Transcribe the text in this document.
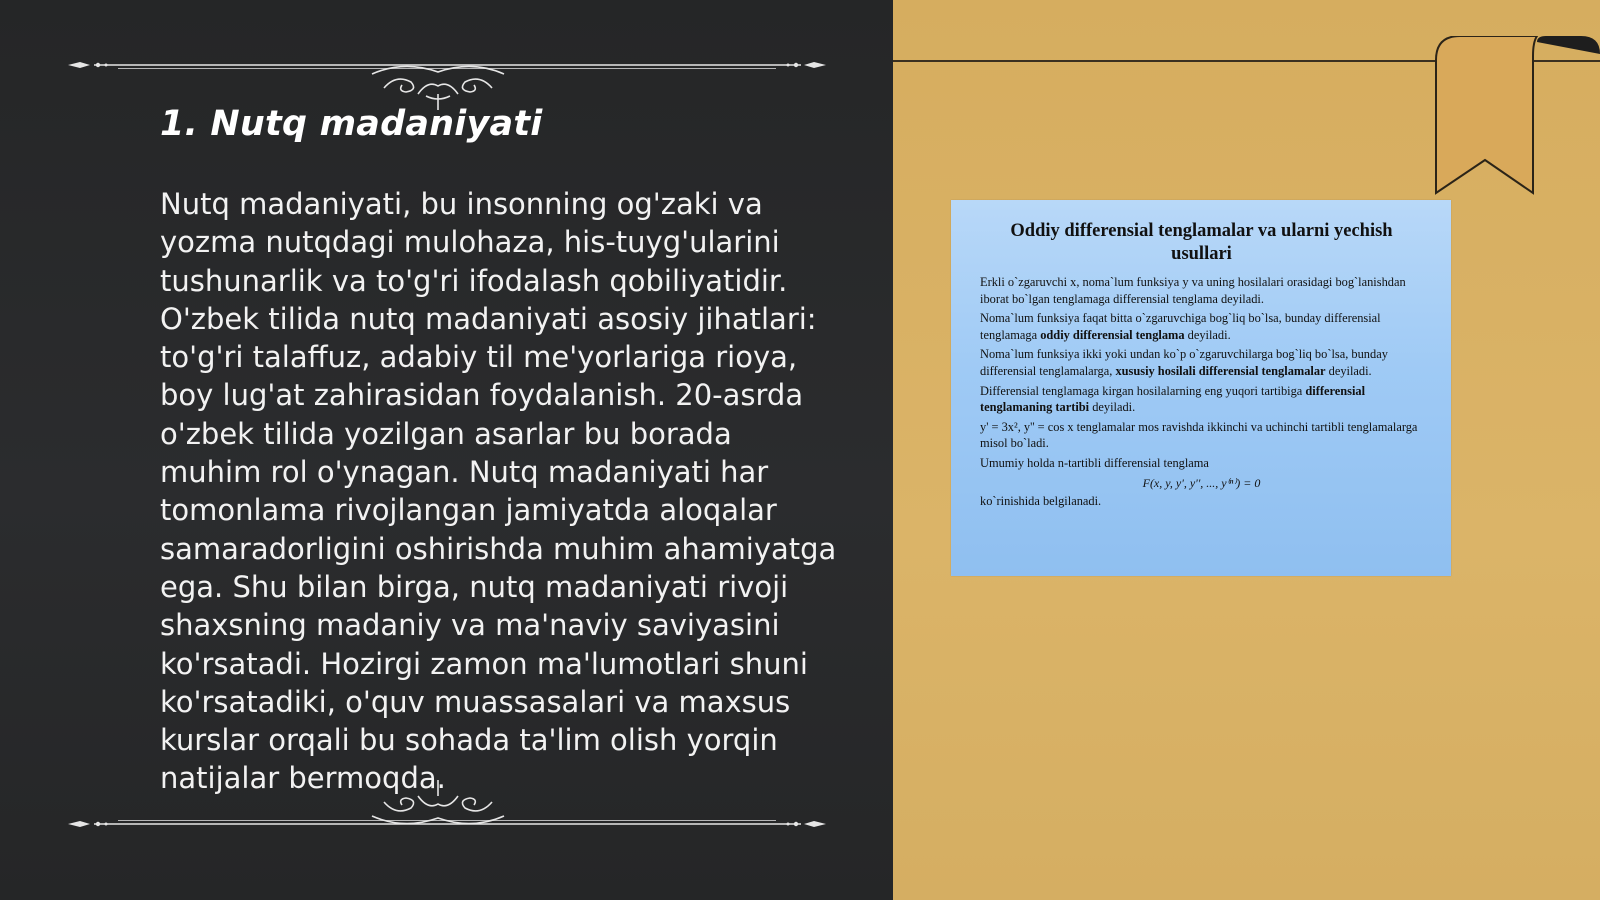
1. Nutq madaniyati

Nutq madaniyati, bu insonning og'zaki va yozma nutqdagi mulohaza, his-tuyg'ularini tushunarlik va to'g'ri ifodalash qobiliyatidir. O'zbek tilida nutq madaniyati asosiy jihatlari: to'g'ri talaffuz, adabiy til me'yorlariga rioya, boy lug'at zahirasidan foydalanish. 20-asrda o'zbek tilida yozilgan asarlar bu borada muhim rol o'ynagan. Nutq madaniyati har tomonlama rivojlangan jamiyatda aloqalar samaradorligini oshirishda muhim ahamiyatga ega. Shu bilan birga, nutq madaniyati rivoji shaxsning madaniy va ma'naviy saviyasini ko'rsatadi. Hozirgi zamon ma'lumotlari shuni ko'rsatadiki, o'quv muassasalari va maxsus kurslar orqali bu sohada ta'lim olish yorqin natijalar bermoqda.

Oddiy differensial tenglamalar va ularni yechish usullari

Erkli o`zgaruvchi x, noma`lum funksiya y va uning hosilalari orasidagi bog`lanishdan iborat bo`lgan tenglamaga differensial tenglama deyiladi.

Noma`lum funksiya faqat bitta o`zgaruvchiga bog`liq bo`lsa, bunday differensial tenglamaga oddiy differensial tenglama deyiladi.

Noma`lum funksiya ikki yoki undan ko`p o`zgaruvchilarga bog`liq bo`lsa, bunday differensial tenglamalarga, xususiy hosilali differensial tenglamalar deyiladi.

Differensial tenglamaga kirgan hosilalarning eng yuqori tartibiga differensial tenglamaning tartibi deyiladi.

y' = 3x², y'' = cos x tenglamalar mos ravishda ikkinchi va uchinchi tartibli tenglamalarga misol bo`ladi.

Umumiy holda n-tartibli differensial tenglama

F(x, y, y', y'', ..., y⁽ⁿ⁾) = 0

ko`rinishida belgilanadi.
